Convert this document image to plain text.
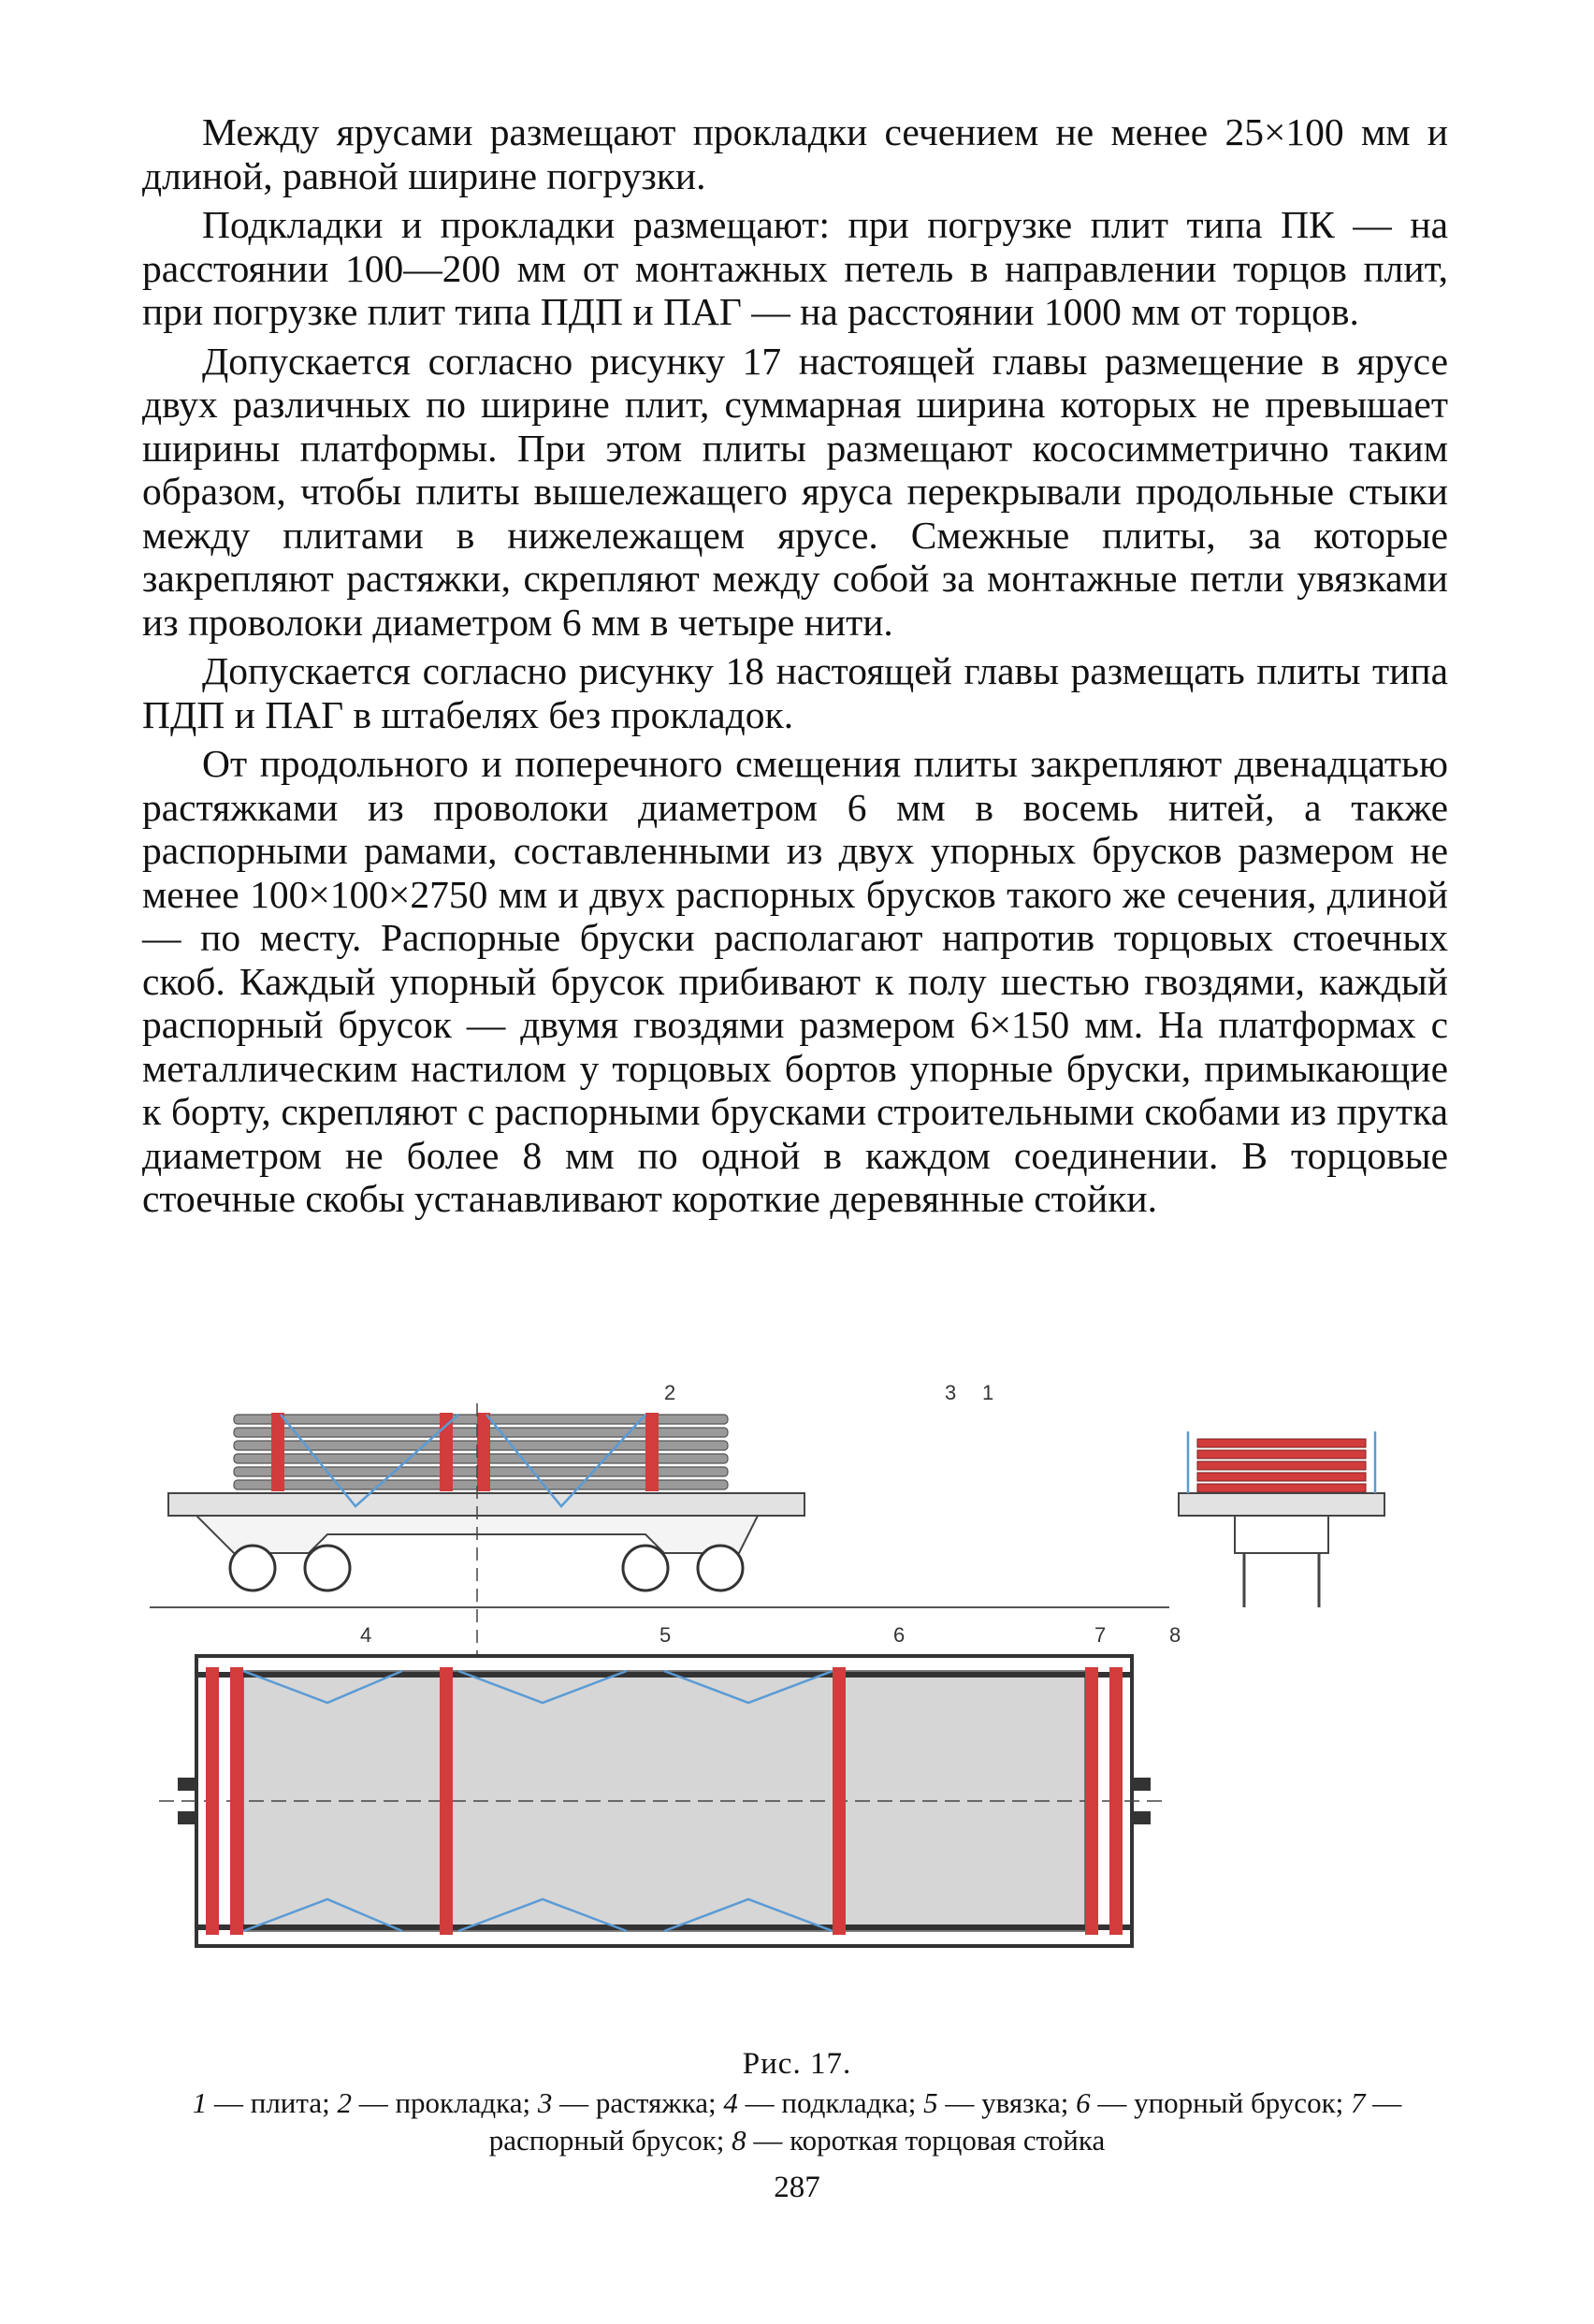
Между ярусами размещают прокладки сечением не менее 25×100 мм и длиной, равной ширине погрузки.

Подкладки и прокладки размещают: при погрузке плит типа ПК — на расстоянии 100—200 мм от монтажных петель в направлении торцов плит, при погрузке плит типа ПДП и ПАГ — на расстоянии 1000 мм от торцов.

Допускается согласно рисунку 17 настоящей главы размещение в ярусе двух различных по ширине плит, суммарная ширина которых не превышает ширины платформы. При этом плиты размещают кососимметрично таким образом, чтобы плиты вышележащего яруса перекрывали продольные стыки между плитами в нижележащем ярусе. Смежные плиты, за которые закрепляют растяжки, скрепляют между собой за монтажные петли увязками из проволоки диаметром 6 мм в четыре нити.

Допускается согласно рисунку 18 настоящей главы размещать плиты типа ПДП и ПАГ в штабелях без прокладок.

От продольного и поперечного смещения плиты закрепляют двенадцатью растяжками из проволоки диаметром 6 мм в восемь нитей, а также распорными рамами, составленными из двух упорных брусков размером не менее 100×100×2750 мм и двух распорных брусков такого же сечения, длиной — по месту. Распорные бруски располагают напротив торцовых стоечных скоб. Каждый упорный брусок прибивают к полу шестью гвоздями, каждый распорный брусок — двумя гвоздями размером 6×150 мм. На платформах с металлическим настилом у торцовых бортов упорные бруски, примыкающие к борту, скрепляют с распорными брусками строительными скобами из прутка диаметром не более 8 мм по одной в каждом соединении. В торцовые стоечные скобы устанавливают короткие деревянные стойки.

2	3 1
4	5	6	7	8
Рис. 17.
1 — плита; 2 — прокладка; 3 — растяжка; 4 — подкладка; 5 — увязка; 6 — упорный брусок; 7 — распорный брусок; 8 — короткая торцовая стойка
287
